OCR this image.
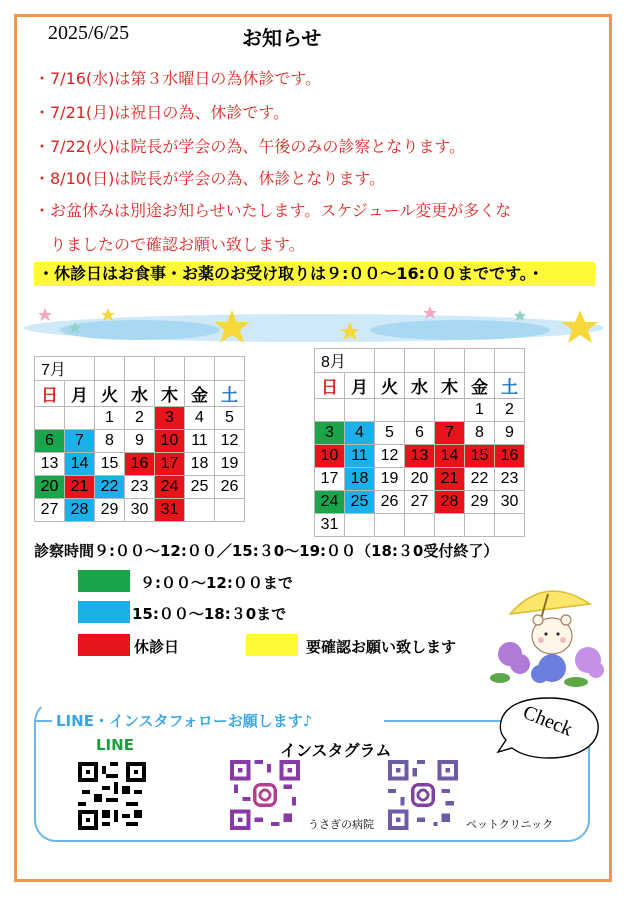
2025/6/25	お知らせ
・7/16(水)は第３水曜日の為休診です。
・7/21(月)は祝日の為、休診です。
・7/22(火)は院長が学会の為、午後のみの診察となります。
・8/10(日)は院長が学会の為、休診となります。
・お盆休みは別途お知らせいたします。スケジュール変更が多くな
りましたので確認お願い致します。
・休診日はお食事・お薬のお受け取りは９:００〜16:００までです。・
7月						
日	月	火	水	木	金	土
		1	2	3	4	5
6	7	8	9	10	11	12
13	14	15	16	17	18	19
20	21	22	23	24	25	26
27	28	29	30	31		
8月						
日	月	火	水	木	金	土
					1	2
3	4	5	6	7	8	9
10	11	12	13	14	15	16
17	18	19	20	21	22	23
24	25	26	27	28	29	30
31						
診察時間９:００〜12:００／15:３0〜19:００（18:３0受付終了）
９:００〜12:００まで
15:００〜18:３0まで
休診日	要確認お願い致します
LINE・インスタフォローお願します♪	Check
LINE	インスタグラム
うさぎの病院	ペットクリニック
